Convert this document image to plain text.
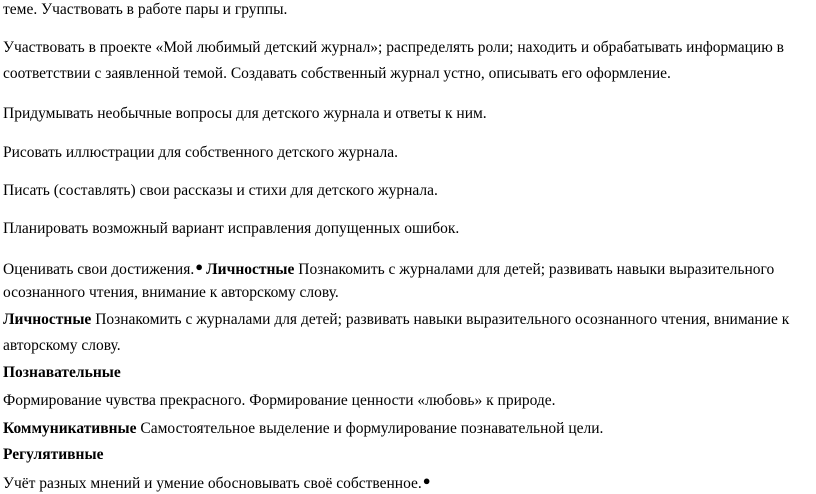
теме. Участвовать в работе пары и группы.
Участвовать в проекте «Мой любимый детский журнал»; распределять роли; находить и обрабатывать информацию в
соответствии с заявленной темой. Создавать собственный журнал устно, описывать его оформление.
Придумывать необычные вопросы для детского журнала и ответы к ним.
Рисовать иллюстрации для собственного детского журнала.
Писать (составлять) свои рассказы и стихи для детского журнала.
Планировать возможный вариант исправления допущенных ошибок.
Оценивать свои достижения.● Личностные Познакомить с журналами для детей; развивать навыки выразительного
осознанного чтения, внимание к авторскому слову.
Личностные Познакомить с журналами для детей; развивать навыки выразительного осознанного чтения, внимание к
авторскому слову.
Познавательные
Формирование чувства прекрасного. Формирование ценности «любовь» к природе.
Коммуникативные Самостоятельное выделение и формулирование познавательной цели.
Регулятивные
Учёт разных мнений и умение обосновывать своё собственное.●
